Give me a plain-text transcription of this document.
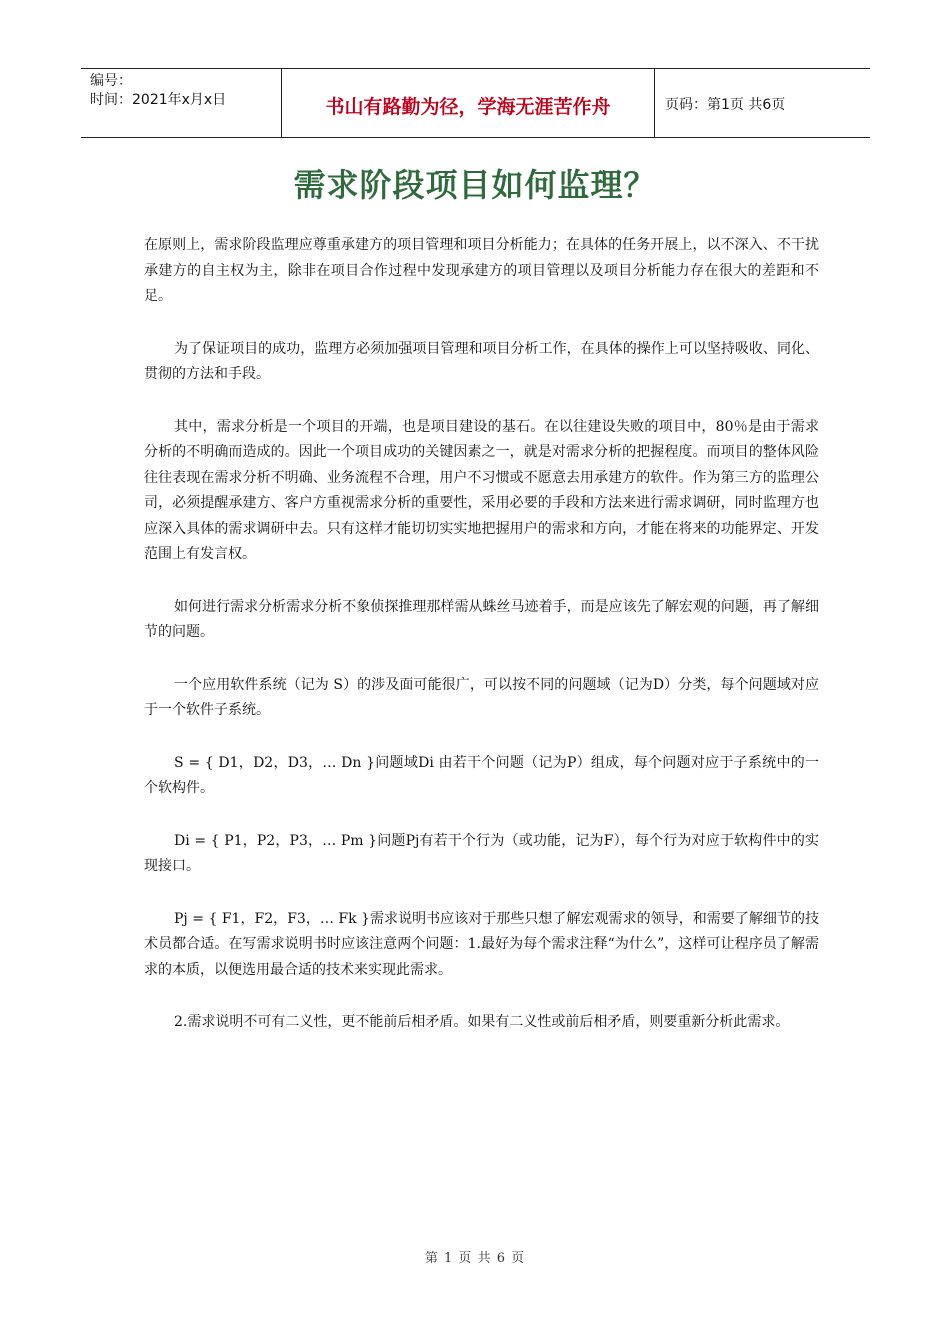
编号：
时间：2021年x月x日	书山有路勤为径，学海无涯苦作舟	页码：第1页 共6页
需求阶段项目如何监理？

在原则上，需求阶段监理应尊重承建方的项目管理和项目分析能力；在具体的任务开展上，以不深入、不干扰承建方的自主权为主，除非在项目合作过程中发现承建方的项目管理以及项目分析能力存在很大的差距和不足。

为了保证项目的成功，监理方必须加强项目管理和项目分析工作，在具体的操作上可以坚持吸收、同化、贯彻的方法和手段。

其中，需求分析是一个项目的开端，也是项目建设的基石。在以往建设失败的项目中，80％是由于需求分析的不明确而造成的。因此一个项目成功的关键因素之一，就是对需求分析的把握程度。而项目的整体风险往往表现在需求分析不明确、业务流程不合理，用户不习惯或不愿意去用承建方的软件。作为第三方的监理公司，必须提醒承建方、客户方重视需求分析的重要性，采用必要的手段和方法来进行需求调研，同时监理方也应深入具体的需求调研中去。只有这样才能切切实实地把握用户的需求和方向，才能在将来的功能界定、开发范围上有发言权。

如何进行需求分析需求分析不象侦探推理那样需从蛛丝马迹着手，而是应该先了解宏观的问题，再了解细节的问题。

一个应用软件系统（记为 S）的涉及面可能很广，可以按不同的问题域（记为D）分类，每个问题域对应于一个软件子系统。

S = { D1，D2，D3，… Dn }问题域Di 由若干个问题（记为P）组成，每个问题对应于子系统中的一个软构件。

Di = { P1，P2，P3，… Pm }问题Pj有若干个行为（或功能，记为F），每个行为对应于软构件中的实现接口。

Pj = { F1，F2，F3，… Fk }需求说明书应该对于那些只想了解宏观需求的领导，和需要了解细节的技术员都合适。在写需求说明书时应该注意两个问题：1.最好为每个需求注释“为什么”，这样可让程序员了解需求的本质，以便选用最合适的技术来实现此需求。

2.需求说明不可有二义性，更不能前后相矛盾。如果有二义性或前后相矛盾，则要重新分析此需求。

第 1 页 共 6 页
